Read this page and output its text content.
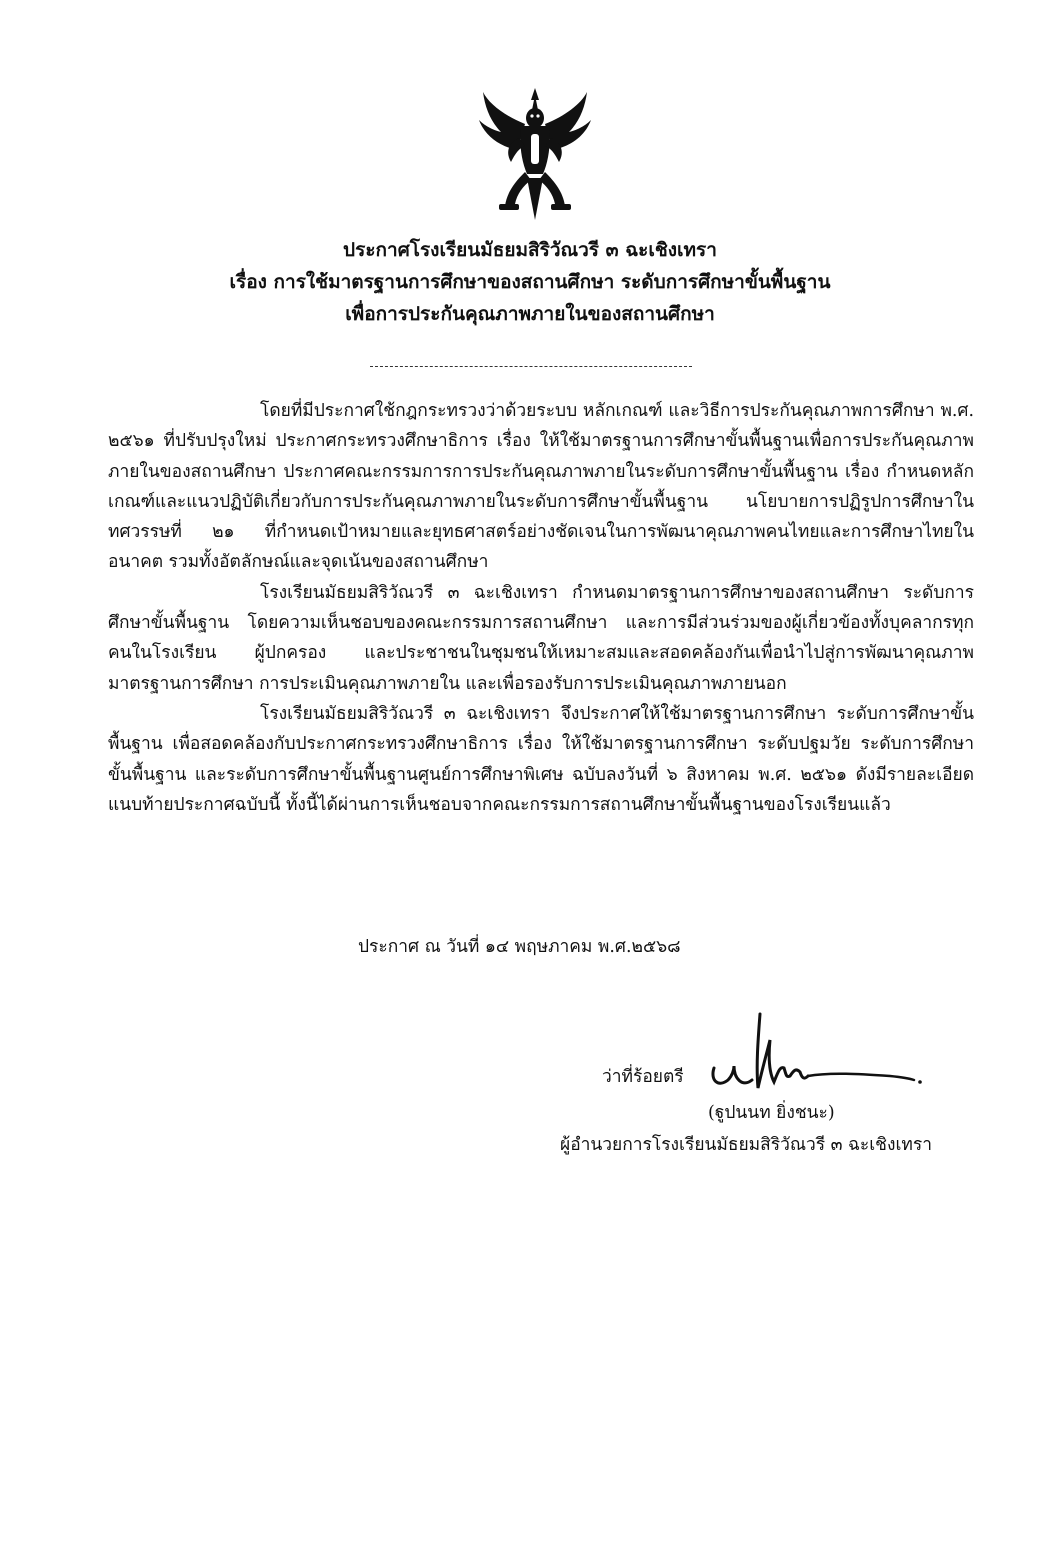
ประกาศโรงเรียนมัธยมสิริวัณวรี ๓ ฉะเชิงเทรา
เรื่อง การใช้มาตรฐานการศึกษาของสถานศึกษา ระดับการศึกษาขั้นพื้นฐาน
เพื่อการประกันคุณภาพภายในของสถานศึกษา

โดยที่มีประกาศใช้กฎกระทรวงว่าด้วยระบบ หลักเกณฑ์ และวิธีการประกันคุณภาพการศึกษา พ.ศ. ๒๕๖๑ ที่ปรับปรุงใหม่ ประกาศกระทรวงศึกษาธิการ เรื่อง ให้ใช้มาตรฐานการศึกษาขั้นพื้นฐานเพื่อการประกันคุณภาพภายในของสถานศึกษา ประกาศคณะกรรมการการประกันคุณภาพภายในระดับการศึกษาขั้นพื้นฐาน เรื่อง กำหนดหลักเกณฑ์และแนวปฏิบัติเกี่ยวกับการประกันคุณภาพภายในระดับการศึกษาขั้นพื้นฐาน นโยบายการปฏิรูปการศึกษาในทศวรรษที่ ๒๑ ที่กำหนดเป้าหมายและยุทธศาสตร์อย่างชัดเจนในการพัฒนาคุณภาพคนไทยและการศึกษาไทยในอนาคต รวมทั้งอัตลักษณ์และจุดเน้นของสถานศึกษา

โรงเรียนมัธยมสิริวัณวรี ๓ ฉะเชิงเทรา กำหนดมาตรฐานการศึกษาของสถานศึกษา ระดับการศึกษาขั้นพื้นฐาน โดยความเห็นชอบของคณะกรรมการสถานศึกษา และการมีส่วนร่วมของผู้เกี่ยวข้องทั้งบุคลากรทุกคนในโรงเรียน ผู้ปกครอง และประชาชนในชุมชนให้เหมาะสมและสอดคล้องกันเพื่อนำไปสู่การพัฒนาคุณภาพมาตรฐานการศึกษา การประเมินคุณภาพภายใน และเพื่อรองรับการประเมินคุณภาพภายนอก

โรงเรียนมัธยมสิริวัณวรี ๓ ฉะเชิงเทรา จึงประกาศให้ใช้มาตรฐานการศึกษา ระดับการศึกษาขั้นพื้นฐาน เพื่อสอดคล้องกับประกาศกระทรวงศึกษาธิการ เรื่อง ให้ใช้มาตรฐานการศึกษา ระดับปฐมวัย ระดับการศึกษาขั้นพื้นฐาน และระดับการศึกษาขั้นพื้นฐานศูนย์การศึกษาพิเศษ ฉบับลงวันที่ ๖ สิงหาคม พ.ศ. ๒๕๖๑ ดังมีรายละเอียดแนบท้ายประกาศฉบับนี้ ทั้งนี้ได้ผ่านการเห็นชอบจากคณะกรรมการสถานศึกษาขั้นพื้นฐานของโรงเรียนแล้ว

ประกาศ ณ วันที่ ๑๔ พฤษภาคม พ.ศ.๒๕๖๘
ว่าที่ร้อยตรี
(ฐูปนนท ยิ่งชนะ)
ผู้อำนวยการโรงเรียนมัธยมสิริวัณวรี ๓ ฉะเชิงเทรา
